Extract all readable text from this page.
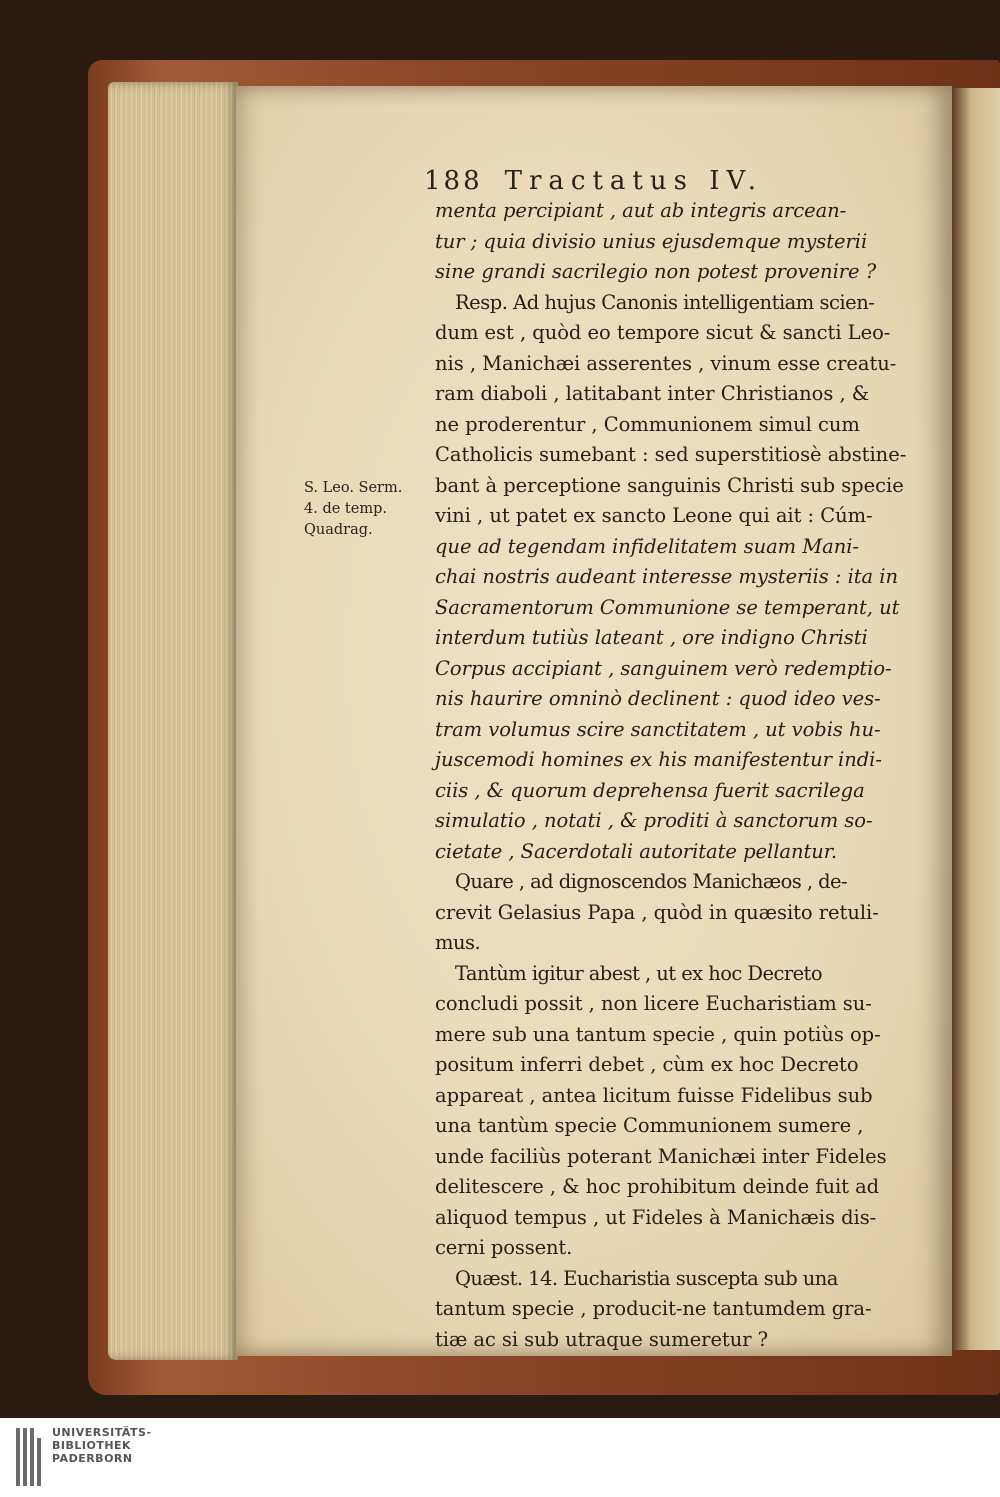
188 Tractatus IV.
S. Leo. Serm.
4. de temp.
Quadrag.
menta percipiant , aut ab integris arcean-
tur ; quia divisio unius ejusdemque mysterii
sine grandi sacrilegio non potest provenire ?
Resp. Ad hujus Canonis intelligentiam scien-
dum est , quòd eo tempore sicut & sancti Leo-
nis , Manichæi asserentes , vinum esse creatu-
ram diaboli , latitabant inter Christianos , &
ne proderentur , Communionem simul cum
Catholicis sumebant : sed superstitiosè abstine-
bant à perceptione sanguinis Christi sub specie
vini , ut patet ex sancto Leone qui ait : Cúm-
que ad tegendam infidelitatem suam Mani-
chai nostris audeant interesse mysteriis : ita in
Sacramentorum Communione se temperant, ut
interdum tutiùs lateant , ore indigno Christi
Corpus accipiant , sanguinem verò redemptio-
nis haurire omninò declinent : quod ideo ves-
tram volumus scire sanctitatem , ut vobis hu-
juscemodi homines ex his manifestentur indi-
ciis , & quorum deprehensa fuerit sacrilega
simulatio , notati , & proditi à sanctorum so-
cietate , Sacerdotali autoritate pellantur.
Quare , ad dignoscendos Manichæos , de-
crevit Gelasius Papa , quòd in quæsito retuli-
mus.
Tantùm igitur abest , ut ex hoc Decreto
concludi possit , non licere Eucharistiam su-
mere sub una tantum specie , quin potiùs op-
positum inferri debet , cùm ex hoc Decreto
appareat , antea licitum fuisse Fidelibus sub
una tantùm specie Communionem sumere ,
unde faciliùs poterant Manichæi inter Fideles
delitescere , & hoc prohibitum deinde fuit ad
aliquod tempus , ut Fideles à Manichæis dis-
cerni possent.
Quæst. 14. Eucharistia suscepta sub una
tantum specie , producit-ne tantumdem gra-
tiæ ac si sub utraque sumeretur ?
UNIVERSITÄTS-
BIBLIOTHEK
PADERBORN
